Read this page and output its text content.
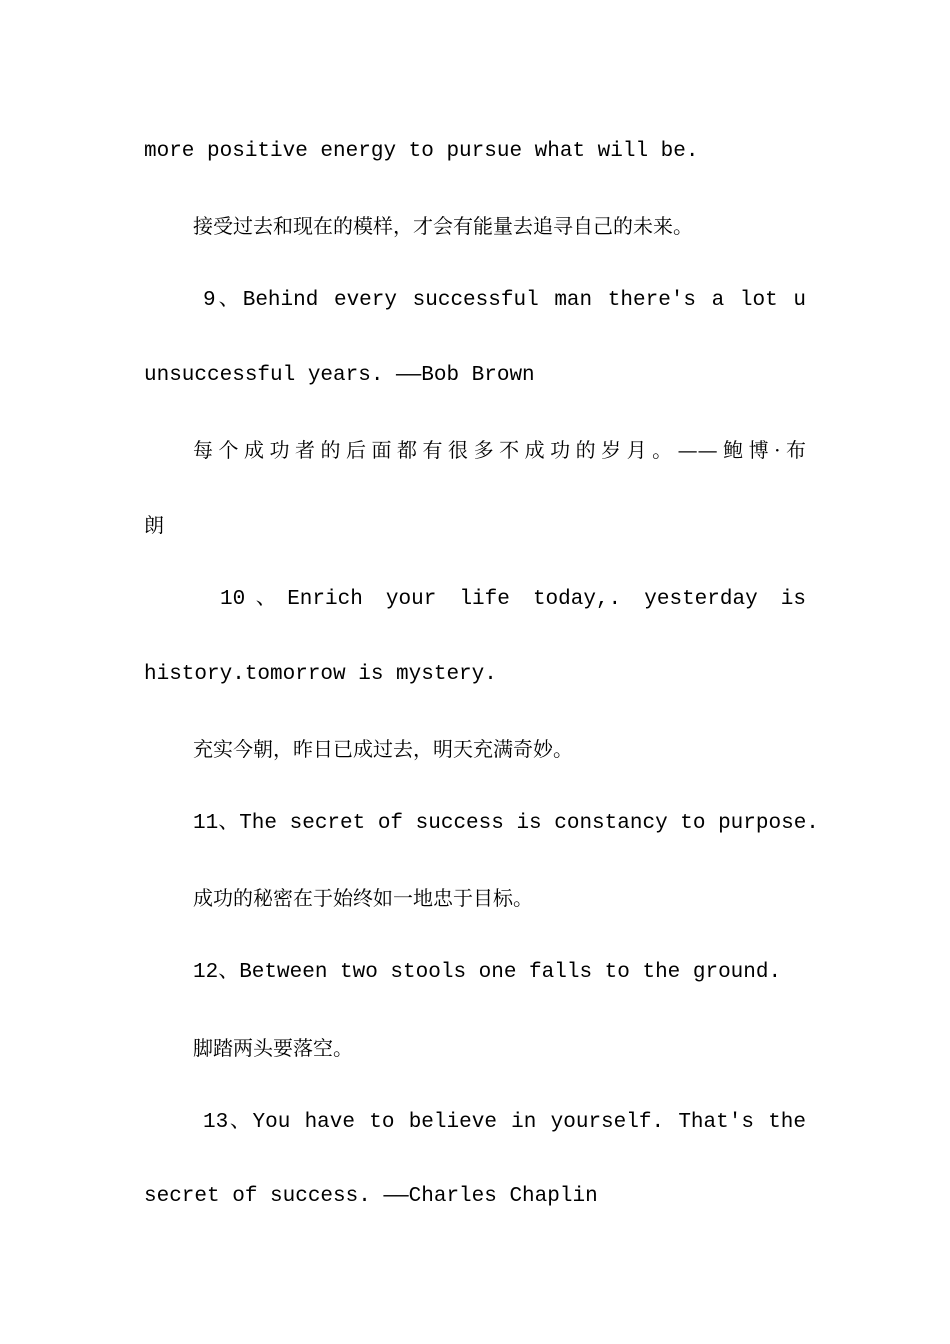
more positive energy to pursue what will be.
接受过去和现在的模样，才会有能量去追寻自己的未来。
9、Behind every successful man there's a lot u
unsuccessful years. ——Bob Brown
每个成功者的后面都有很多不成功的岁月。——鲍博·布
朗
10、Enrich your life today,. yesterday is
history.tomorrow is mystery.
充实今朝，昨日已成过去，明天充满奇妙。
11、The secret of success is constancy to purpose.
成功的秘密在于始终如一地忠于目标。
12、Between two stools one falls to the ground.
脚踏两头要落空。
13、You have to believe in yourself. That's the
secret of success. ——Charles Chaplin
